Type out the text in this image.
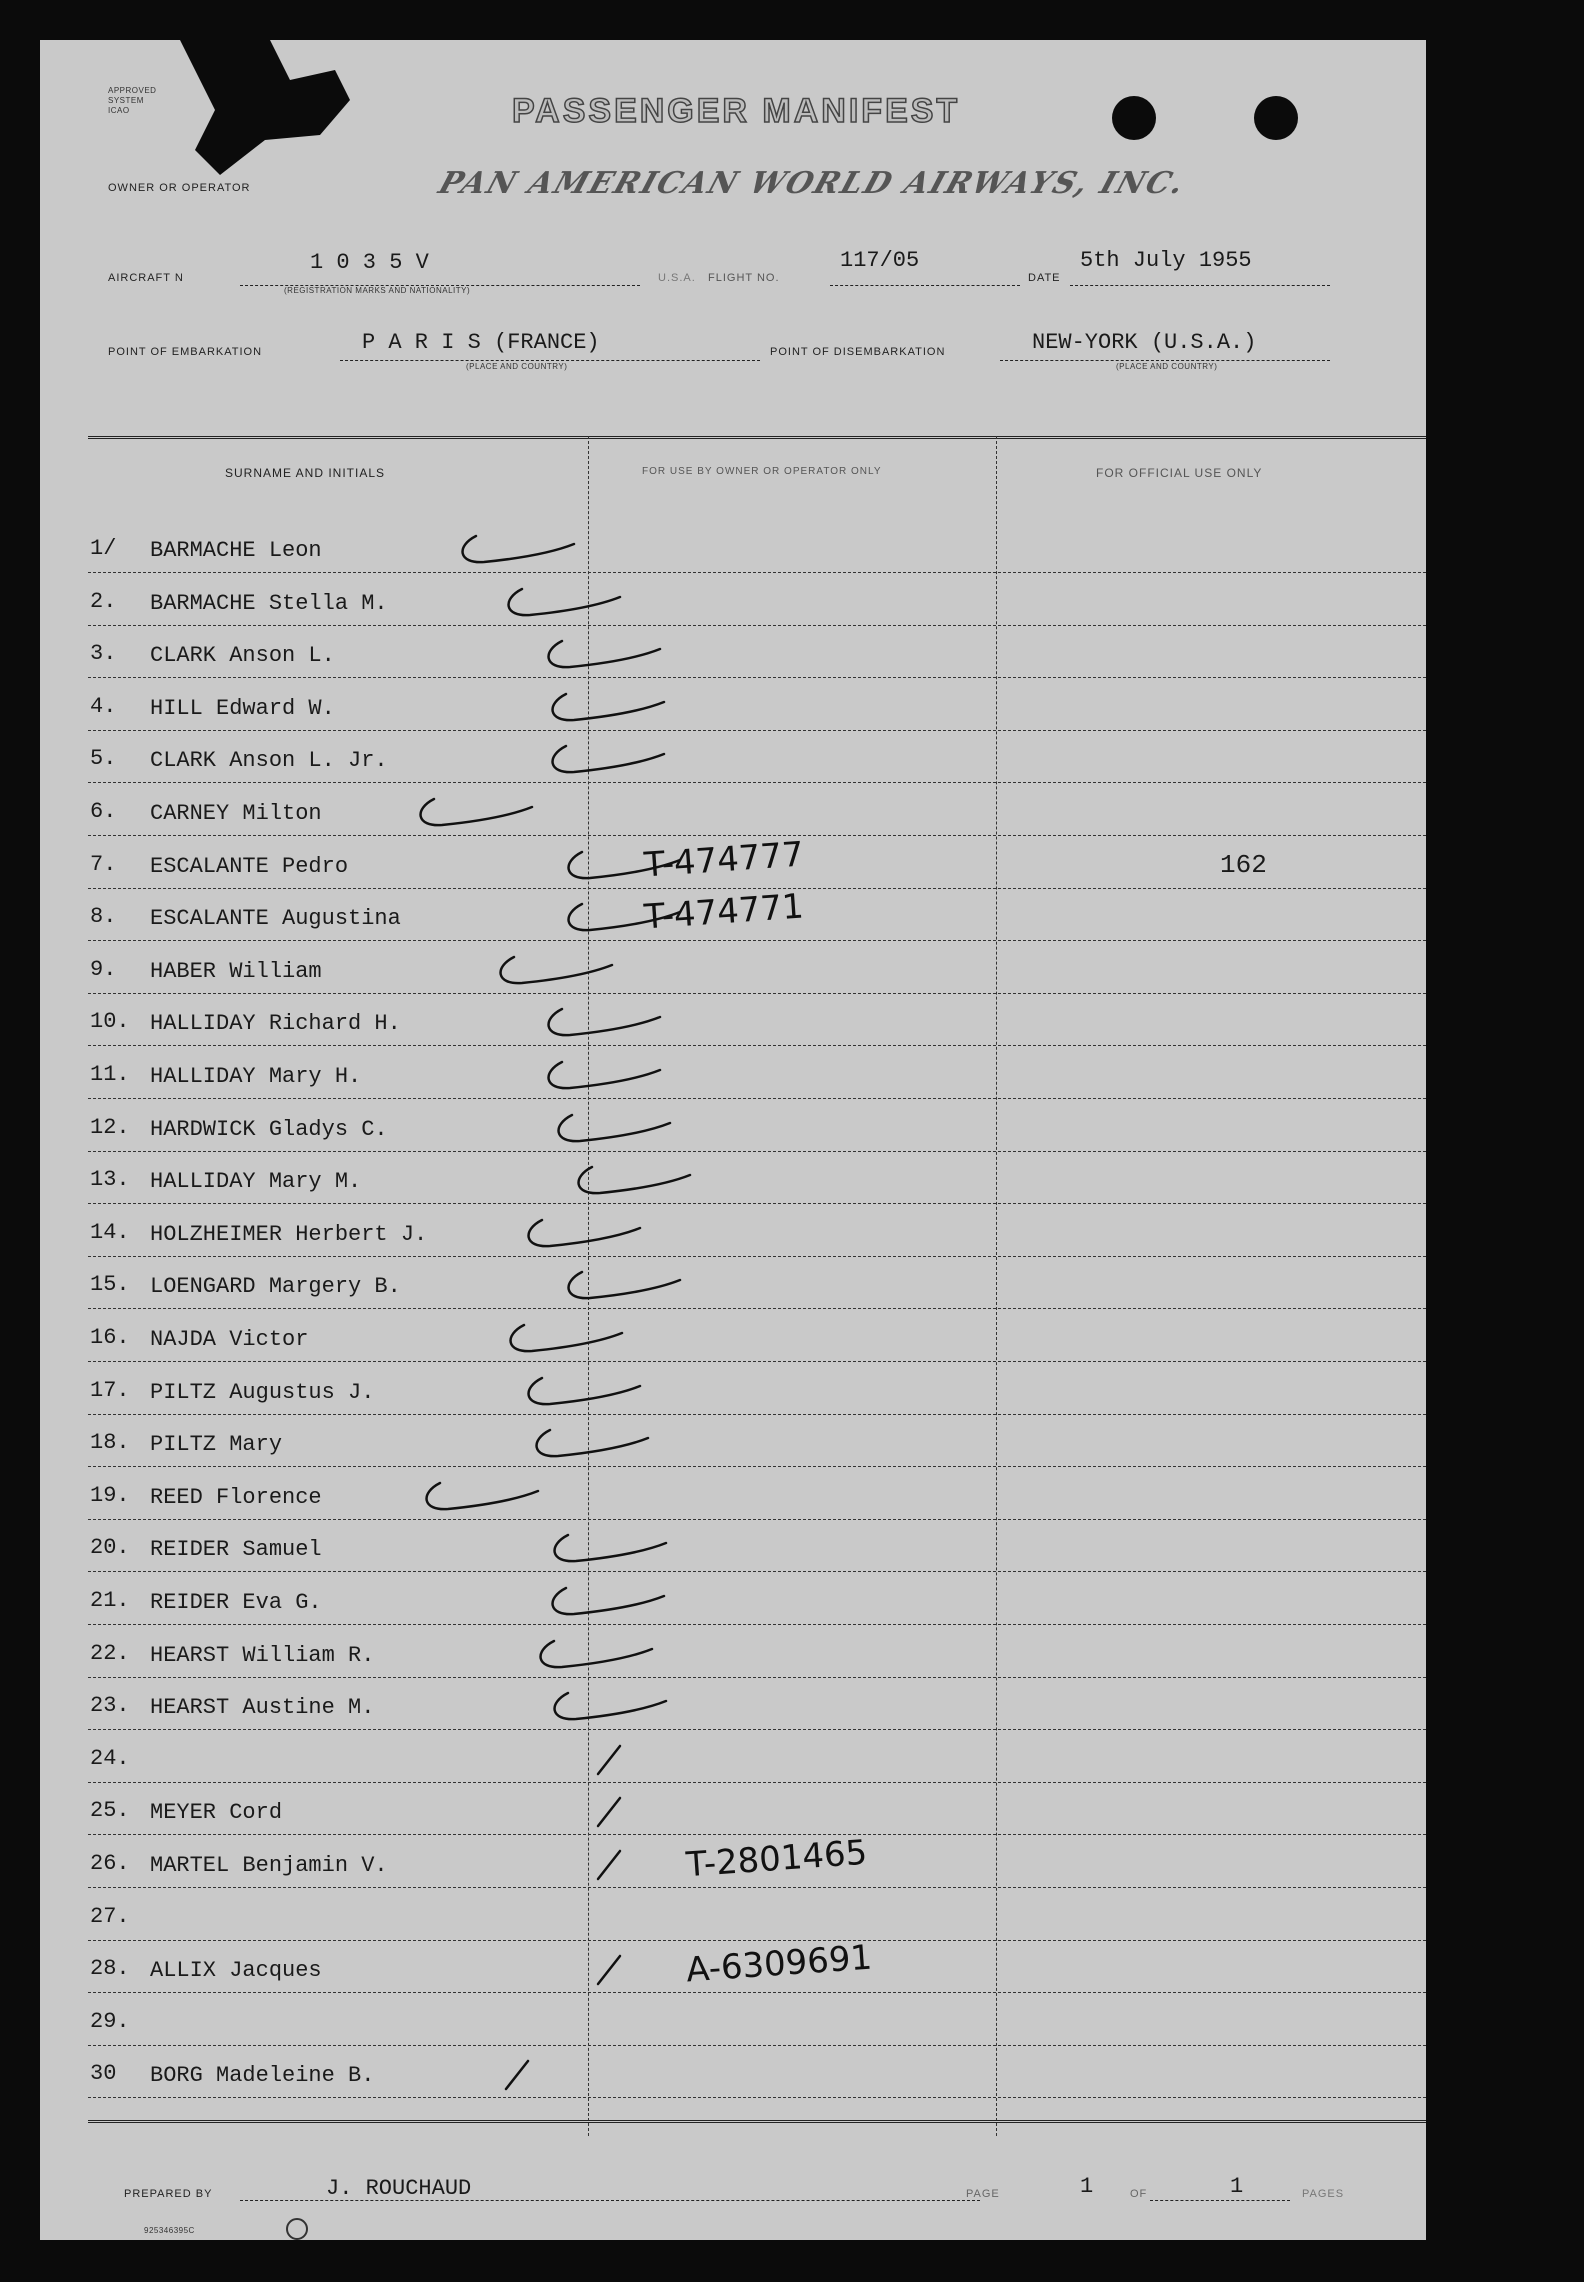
APPROVED
SYSTEM
ICAO	PASSENGER MANIFEST
OWNER OR OPERATOR	PAN AMERICAN WORLD AIRWAYS, INC.
AIRCRAFT N
1 0 3 5 V
(REGISTRATION MARKS AND NATIONALITY)
U.S.A. FLIGHT NO.
117/05
DATE
5th July 1955
POINT OF EMBARKATION	P A R I S (FRANCE)
(PLACE AND COUNTRY)
POINT OF DISEMBARKATION	NEW-YORK (U.S.A.)
(PLACE AND COUNTRY)
SURNAME AND INITIALS	FOR USE BY OWNER OR OPERATOR ONLY	FOR OFFICIAL USE ONLY
1/ BARMACHE Leon
2. BARMACHE Stella M.
3. CLARK Anson L.
4. HILL Edward W.
5. CLARK Anson L. Jr.
6. CARNEY Milton
7. ESCALANTE Pedro	T-474777	162
8. ESCALANTE Augustina	T-474771
9. HABER William
10. HALLIDAY Richard H.
11. HALLIDAY Mary H.
12. HARDWICK Gladys C.
13. HALLIDAY Mary M.
14. HOLZHEIMER Herbert J.
15. LOENGARD Margery B.
16. NAJDA Victor
17. PILTZ Augustus J.
18. PILTZ Mary
19. REED Florence
20. REIDER Samuel
21. REIDER Eva G.
22. HEARST William R.
23. HEARST Austine M.
24.
25. MEYER Cord
26. MARTEL Benjamin V.	T-2801465
27.
28. ALLIX Jacques	A-6309691
29.
30 BORG Madeleine B.
PREPARED BY	J. ROUCHAUD	PAGE	1	OF	1	PAGES
925346395C
